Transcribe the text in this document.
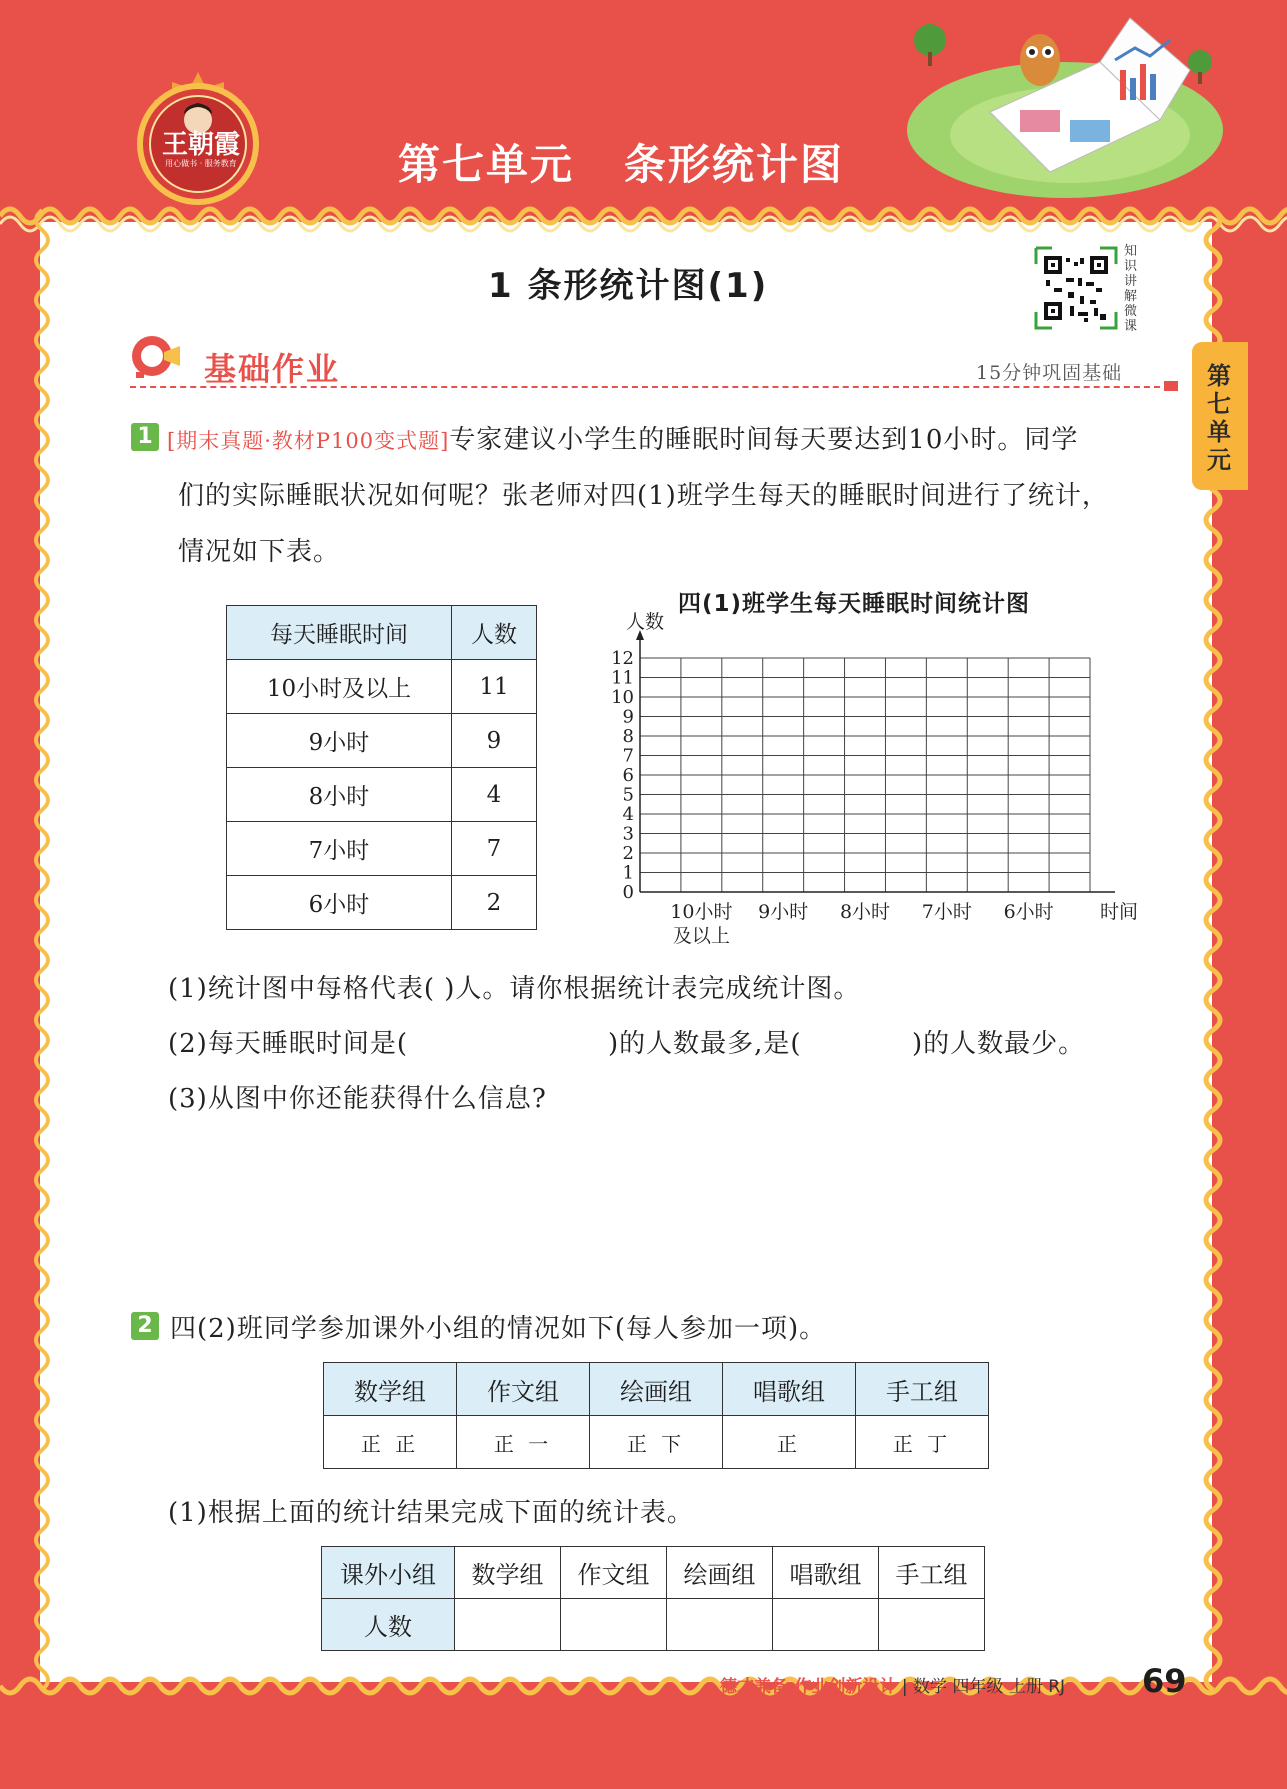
王朝霞
用心做书 · 服务教育	第七单元 条形统计图
1 条形统计图(1)
知识讲解微课
第七单元
基础作业	15分钟巩固基础
1 [期末真题·教材P100变式题]专家建议小学生的睡眠时间每天要达到10小时。同学
们的实际睡眠状况如何呢？张老师对四(1)班学生每天的睡眠时间进行了统计，
情况如下表。
每天睡眠时间	人数
10小时及以上	11
9小时	9
8小时	4
7小时	7
6小时	2
四(1)班学生每天睡眠时间统计图
0
1
2
3
4
5
6
7
8
9
10
11
12
人数
10小时
及以上
9小时 8小时 7小时 6小时 时间
(1)统计图中每格代表( )人。请你根据统计表完成统计图。
(2)每天睡眠时间是(	)的人数最多,是(	)的人数最少。
(3)从图中你还能获得什么信息?
2 四(2)班同学参加课外小组的情况如下(每人参加一项)。
数学组	作文组	绘画组	唱歌组	手工组
正 正	正 一	正 下	正	正 丁
(1)根据上面的统计结果完成下面的统计表。
课外小组	数学组	作文组	绘画组	唱歌组	手工组
人数					
德才兼备·作业创新设计 | 数学 四年级 上册 RJ 69
